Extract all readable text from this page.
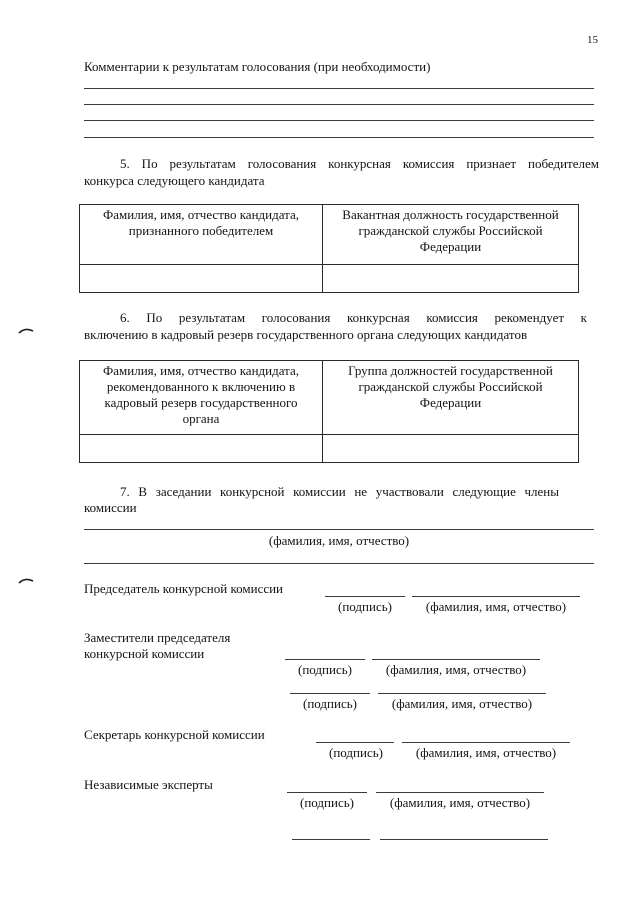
15
Комментарии к результатам голосования (при необходимости)
5. По результатам голосования конкурсная комиссия признает победителем
конкурса следующего кандидата
Фамилия, имя, отчество кандидата, признанного победителем	Вакантная должность государственной гражданской службы Российской Федерации

6. По результатам голосования конкурсная комиссия рекомендует к
включению в кадровый резерв государственного органа следующих кандидатов
Фамилия, имя, отчество кандидата, рекомендованного к включению в кадровый резерв государственного органа	Группа должностей государственной гражданской службы Российской Федерации

7. В заседании конкурсной комиссии не участвовали следующие члены
комиссии
(фамилия, имя, отчество)
Председатель конкурсной комиссии
(подпись)	(фамилия, имя, отчество)
Заместители председателя
конкурсной комиссии
(подпись)	(фамилия, имя, отчество)
(подпись)	(фамилия, имя, отчество)
Секретарь конкурсной комиссии
(подпись)	(фамилия, имя, отчество)
Независимые эксперты
(подпись)	(фамилия, имя, отчество)
